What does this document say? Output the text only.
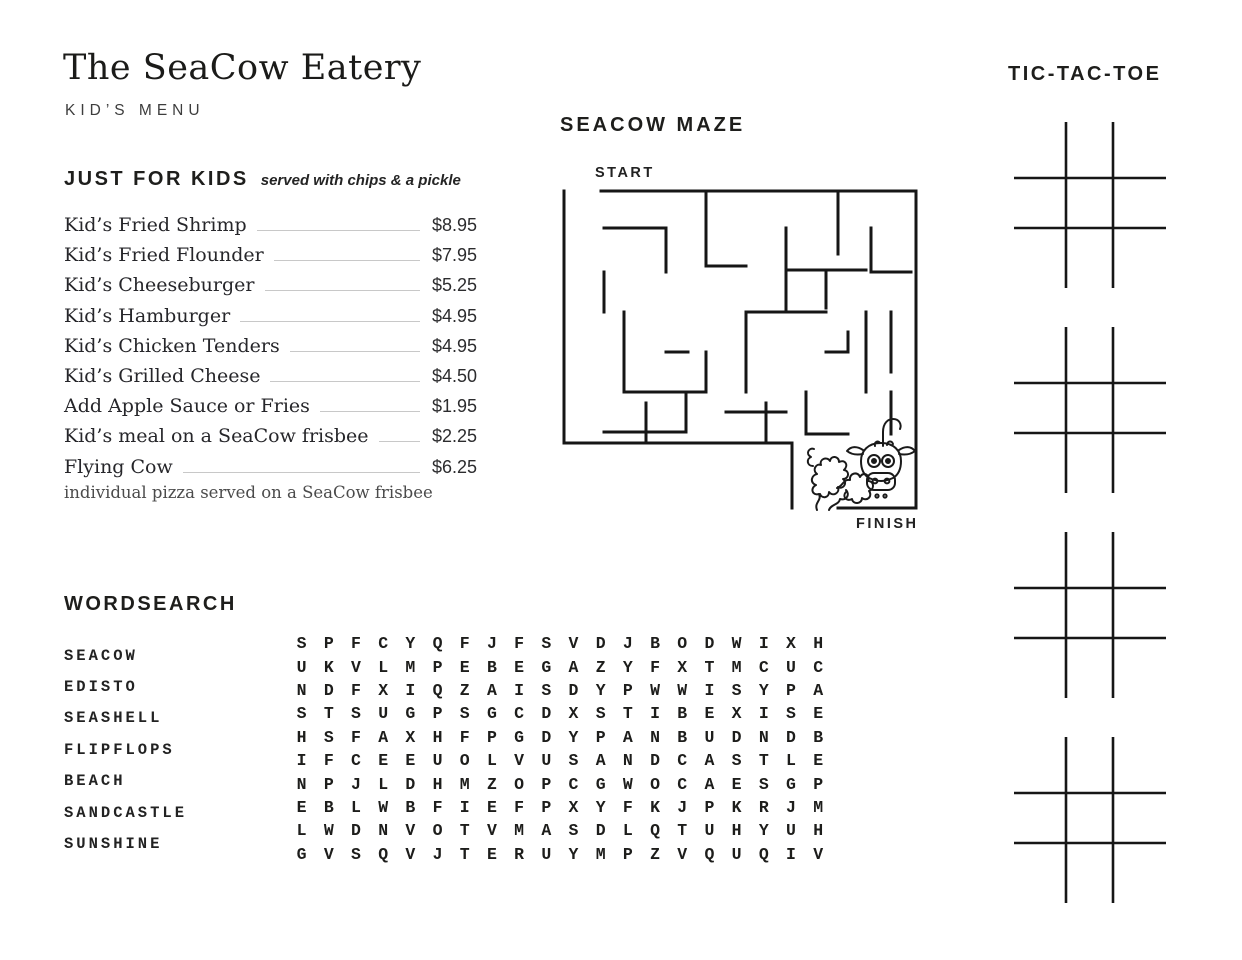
The SeaCow Eatery
KID’S MENU
JUST FOR KIDS served with chips & a pickle
Kid’s Fried Shrimp	$8.95
Kid’s Fried Flounder	$7.95
Kid’s Cheeseburger	$5.25
Kid’s Hamburger	$4.95
Kid’s Chicken Tenders	$4.95
Kid’s Grilled Cheese	$4.50
Add Apple Sauce or Fries	$1.95
Kid’s meal on a SeaCow frisbee	$2.25
Flying Cow	$6.25
individual pizza served on a SeaCow frisbee
SEACOW MAZE
START
FINISH
TIC-TAC-TOE
WORDSEARCH
SEACOW
EDISTO
SEASHELL
FLIPFLOPS
BEACH
SANDCASTLE
SUNSHINE
S	P	F	C	Y	Q	F	J	F	S	V	D	J	B	O	D	W	I	X	H
U	K	V	L	M	P	E	B	E	G	A	Z	Y	F	X	T	M	C	U	C
N	D	F	X	I	Q	Z	A	I	S	D	Y	P	W	W	I	S	Y	P	A
S	T	S	U	G	P	S	G	C	D	X	S	T	I	B	E	X	I	S	E
H	S	F	A	X	H	F	P	G	D	Y	P	A	N	B	U	D	N	D	B
I	F	C	E	E	U	O	L	V	U	S	A	N	D	C	A	S	T	L	E
N	P	J	L	D	H	M	Z	O	P	C	G	W	O	C	A	E	S	G	P
E	B	L	W	B	F	I	E	F	P	X	Y	F	K	J	P	K	R	J	M
L	W	D	N	V	O	T	V	M	A	S	D	L	Q	T	U	H	Y	U	H
G	V	S	Q	V	J	T	E	R	U	Y	M	P	Z	V	Q	U	Q	I	V
